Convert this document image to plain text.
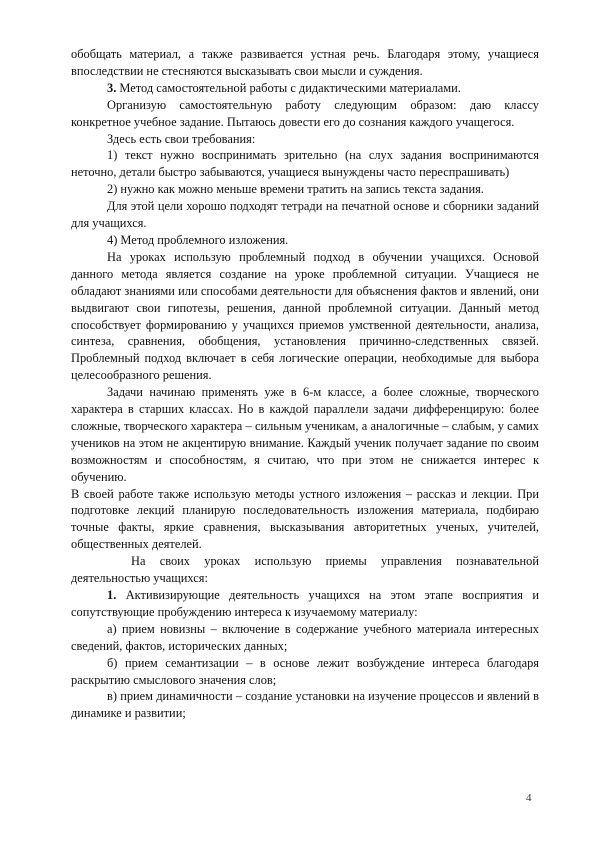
обобщать материал, а также развивается устная речь. Благодаря этому, учащиеся впоследствии не стесняются высказывать свои мысли и суждения.

3. Метод самостоятельной работы с дидактическими материалами.

Организую самостоятельную работу следующим образом: даю классу конкретное учебное задание. Пытаюсь довести его до сознания каждого учащегося.

Здесь есть свои требования:

1) текст нужно воспринимать зрительно (на слух задания воспринимаются неточно, детали быстро забываются, учащиеся вынуждены часто переспрашивать)

2) нужно как можно меньше времени тратить на запись текста задания.

Для этой цели хорошо подходят тетради на печатной основе и сборники заданий для учащихся.

4) Метод проблемного изложения.

На уроках использую проблемный подход в обучении учащихся. Основой данного метода является создание на уроке проблемной ситуации. Учащиеся не обладают знаниями или способами деятельности для объяснения фактов и явлений, они выдвигают свои гипотезы, решения, данной проблемной ситуации. Данный метод способствует формированию у учащихся приемов умственной деятельности, анализа, синтеза, сравнения, обобщения, установления причинно-следственных связей. Проблемный подход включает в себя логические операции, необходимые для выбора целесообразного решения.

Задачи начинаю применять уже в 6-м классе, а более сложные, творческого характера в старших классах. Но в каждой параллели задачи дифференцирую: более сложные, творческого характера – сильным ученикам, а аналогичные – слабым, у самих учеников на этом не акцентирую внимание. Каждый ученик получает задание по своим возможностям и способностям, я считаю, что при этом не снижается интерес к обучению.

В своей работе также использую методы устного изложения – рассказ и лекции. При подготовке лекций планирую последовательность изложения материала, подбираю точные факты, яркие сравнения, высказывания авторитетных ученых, учителей, общественных деятелей.

На своих уроках использую приемы управления познавательной деятельностью учащихся:

1. Активизирующие деятельность учащихся на этом этапе восприятия и сопутствующие пробуждению интереса к изучаемому материалу:

а) прием новизны – включение в содержание учебного материала интересных сведений, фактов, исторических данных;

б) прием семантизации – в основе лежит возбуждение интереса благодаря раскрытию смыслового значения слов;

в) прием динамичности – создание установки на изучение процессов и явлений в динамике и развитии;

4
